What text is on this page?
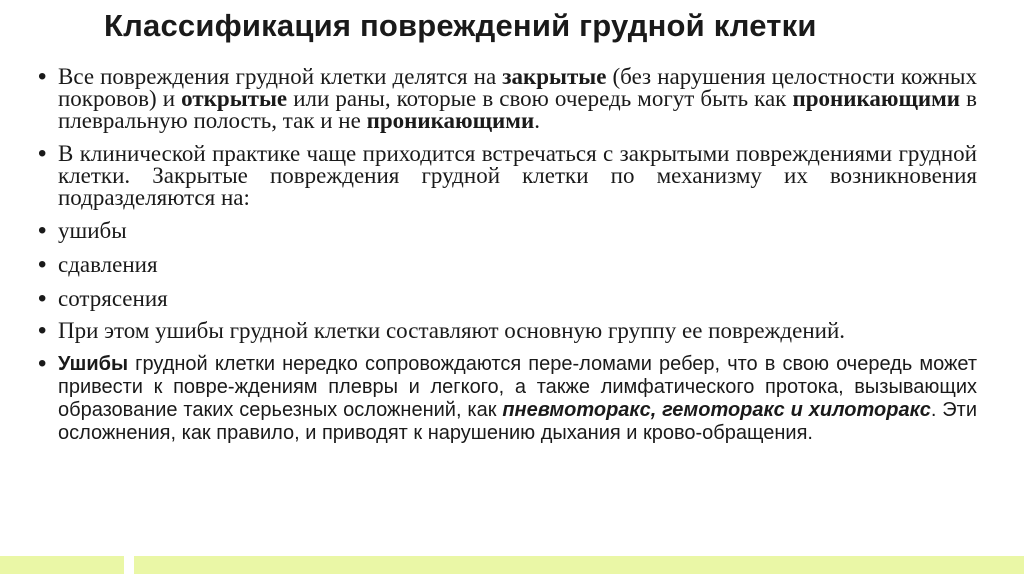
Классификация повреждений грудной клетки
• Все повреждения грудной клетки делятся на закрытые (без нарушения целостности кожных покровов) и открытые или раны, которые в свою очередь могут быть как проникающими в плевральную полость, так и не проникающими.
• В клинической практике чаще приходится встречаться с закрытыми повреждениями грудной клетки. Закрытые повреждения грудной клетки по механизму их возникновения подразделяются на:
• ушибы
• сдавления
• сотрясения
• При этом ушибы грудной клетки составляют основную группу ее повреждений.
• Ушибы грудной клетки нередко сопровождаются пере-ломами ребер, что в свою очередь может привести к повре-ждениям плевры и легкого, а также лимфатического протока, вызывающих образование таких серьезных осложнений, как пневмоторакс, гемоторакс и хилоторакс. Эти осложнения, как правило, и приводят к нарушению дыхания и крово-обращения.
